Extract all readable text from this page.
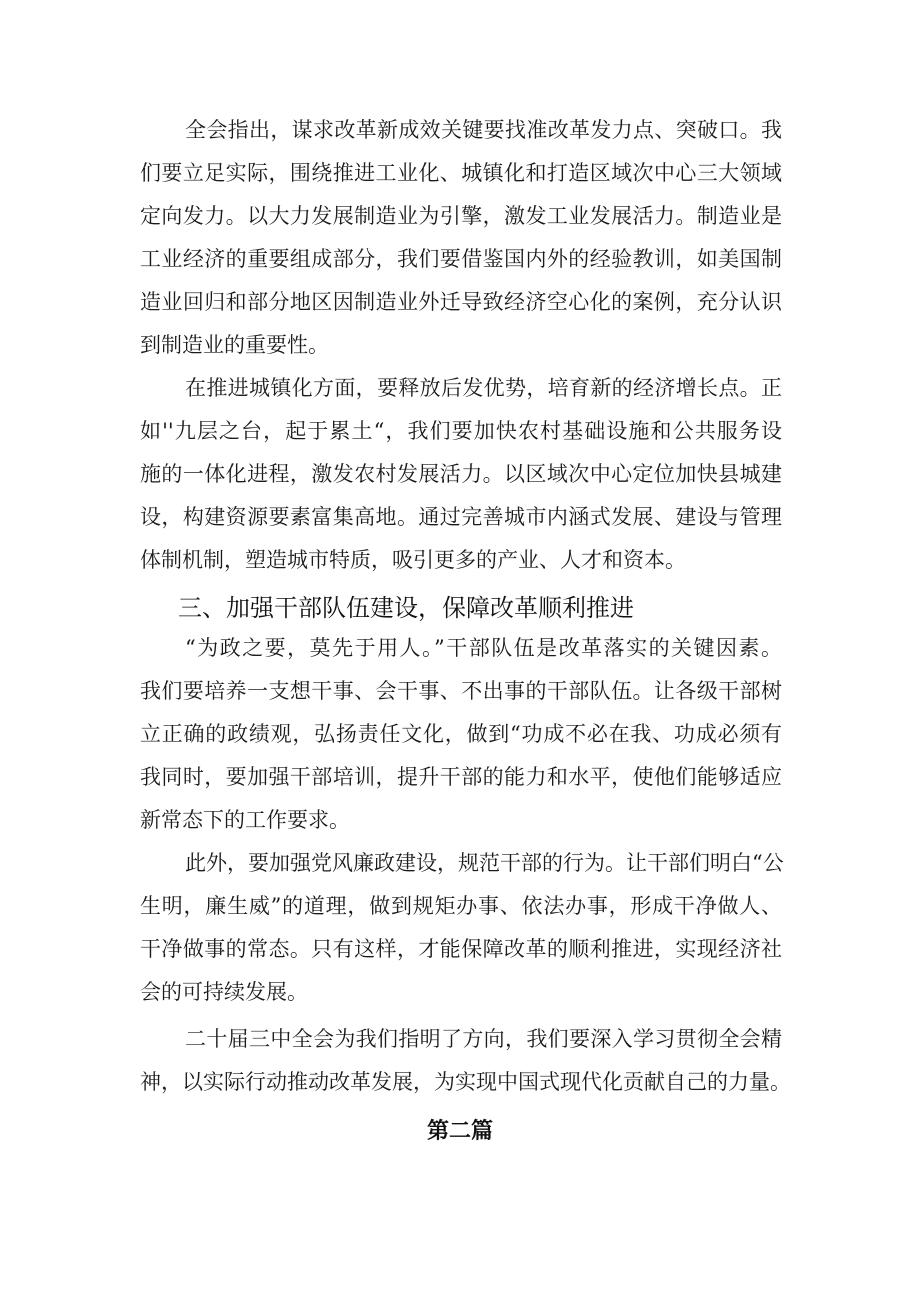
全会指出，谋求改革新成效关键要找准改革发力点、突破口。我
们要立足实际，围绕推进工业化、城镇化和打造区域次中心三大领域
定向发力。以大力发展制造业为引擎，激发工业发展活力。制造业是
工业经济的重要组成部分，我们要借鉴国内外的经验教训，如美国制
造业回归和部分地区因制造业外迁导致经济空心化的案例，充分认识
到制造业的重要性。
在推进城镇化方面，要释放后发优势，培育新的经济增长点。正
如''九层之台，起于累土“，我们要加快农村基础设施和公共服务设
施的一体化进程，激发农村发展活力。以区域次中心定位加快县城建
设，构建资源要素富集高地。通过完善城市内涵式发展、建设与管理
体制机制，塑造城市特质，吸引更多的产业、人才和资本。
三、加强干部队伍建设，保障改革顺利推进
“为政之要，莫先于用人。”干部队伍是改革落实的关键因素。
我们要培养一支想干事、会干事、不出事的干部队伍。让各级干部树
立正确的政绩观，弘扬责任文化，做到“功成不必在我、功成必须有
我同时，要加强干部培训，提升干部的能力和水平，使他们能够适应
新常态下的工作要求。
此外，要加强党风廉政建设，规范干部的行为。让干部们明白“公
生明，廉生威”的道理，做到规矩办事、依法办事，形成干净做人、
干净做事的常态。只有这样，才能保障改革的顺利推进，实现经济社
会的可持续发展。
二十届三中全会为我们指明了方向，我们要深入学习贯彻全会精
神，以实际行动推动改革发展，为实现中国式现代化贡献自己的力量。
第二篇
